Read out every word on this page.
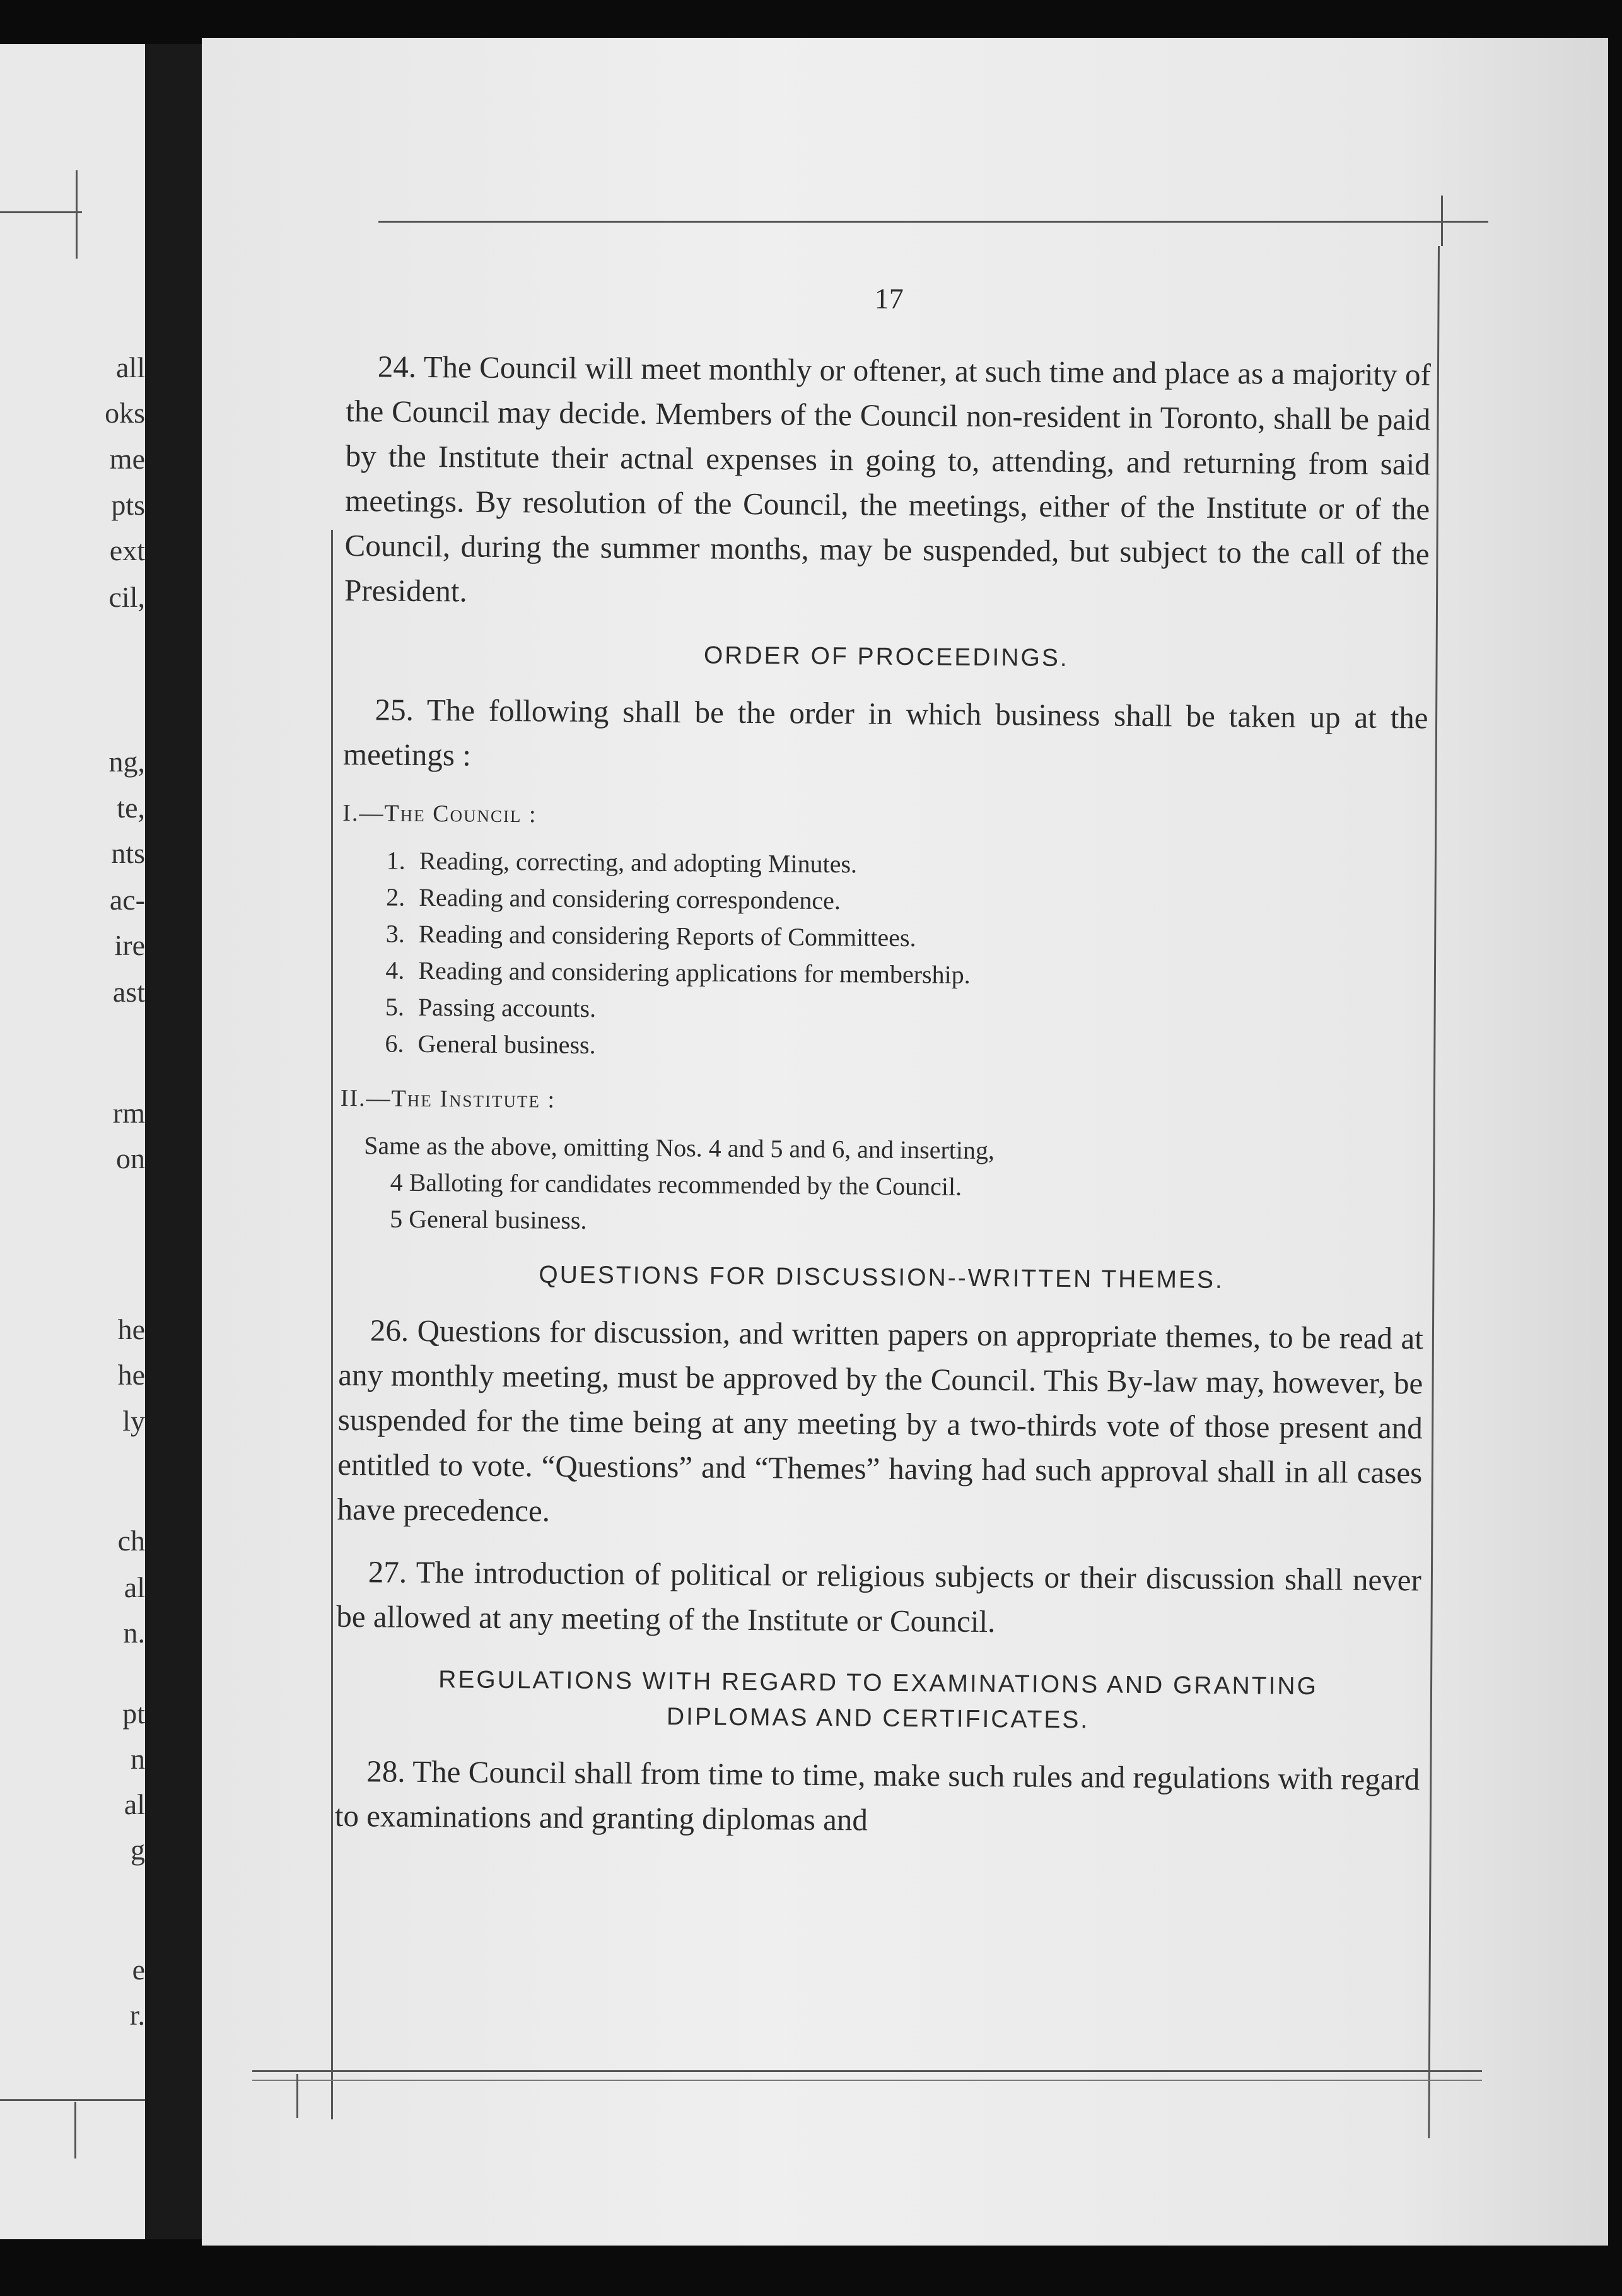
all
oks
me
pts
ext
cil,
ng,
te,
nts
ac-
ire
ast
rm
on
he
he
ly
ch
al
n.
pt
n
al
g
e
r.
17

24. The Council will meet monthly or oftener, at such time and place as a majority of the Council may decide. Members of the Council non-resident in Toronto, shall be paid by the Institute their actnal expenses in going to, attending, and returning from said meetings. By resolution of the Council, the meetings, either of the Institute or of the Council, during the summer months, may be suspended, but subject to the call of the President.

ORDER OF PROCEEDINGS.

25. The following shall be the order in which business shall be taken up at the meetings :

I.—The Council :
1. Reading, correcting, and adopting Minutes.
2. Reading and considering correspondence.
3. Reading and considering Reports of Committees.
4. Reading and considering applications for membership.
5. Passing accounts.
6. General business.
II.—The Institute :
Same as the above, omitting Nos. 4 and 5 and 6, and inserting,
4 Balloting for candidates recommended by the Council.
5 General business.
QUESTIONS FOR DISCUSSION--WRITTEN THEMES.

26. Questions for discussion, and written papers on appropriate themes, to be read at any monthly meeting, must be approved by the Council. This By-law may, however, be suspended for the time being at any meeting by a two-thirds vote of those present and entitled to vote. “Questions” and “Themes” having had such approval shall in all cases have precedence.

27. The introduction of political or religious subjects or their discussion shall never be allowed at any meeting of the Institute or Council.

REGULATIONS WITH REGARD TO EXAMINATIONS AND GRANTING
DIPLOMAS AND CERTIFICATES.

28. The Council shall from time to time, make such rules and regulations with regard to examinations and granting diplomas and
